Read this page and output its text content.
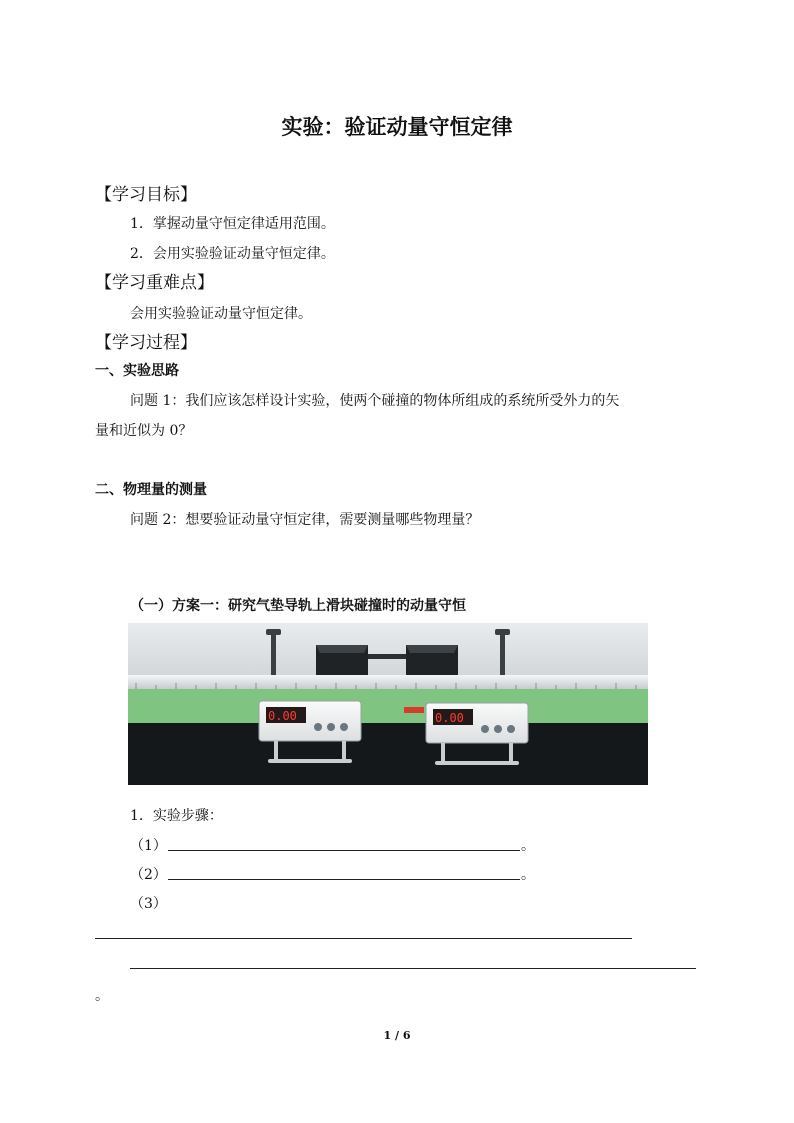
实验：验证动量守恒定律
【学习目标】
1．掌握动量守恒定律适用范围。
2．会用实验验证动量守恒定律。
【学习重难点】
会用实验验证动量守恒定律。
【学习过程】
一、实验思路
问题 1：我们应该怎样设计实验，使两个碰撞的物体所组成的系统所受外力的矢
量和近似为 0？
二、物理量的测量
问题 2：想要验证动量守恒定律，需要测量哪些物理量？
（一）方案一：研究气垫导轨上滑块碰撞时的动量守恒
0.00	0.00
1．实验步骤：
（1）	。
（2）	。
（3）
。
1 / 6
